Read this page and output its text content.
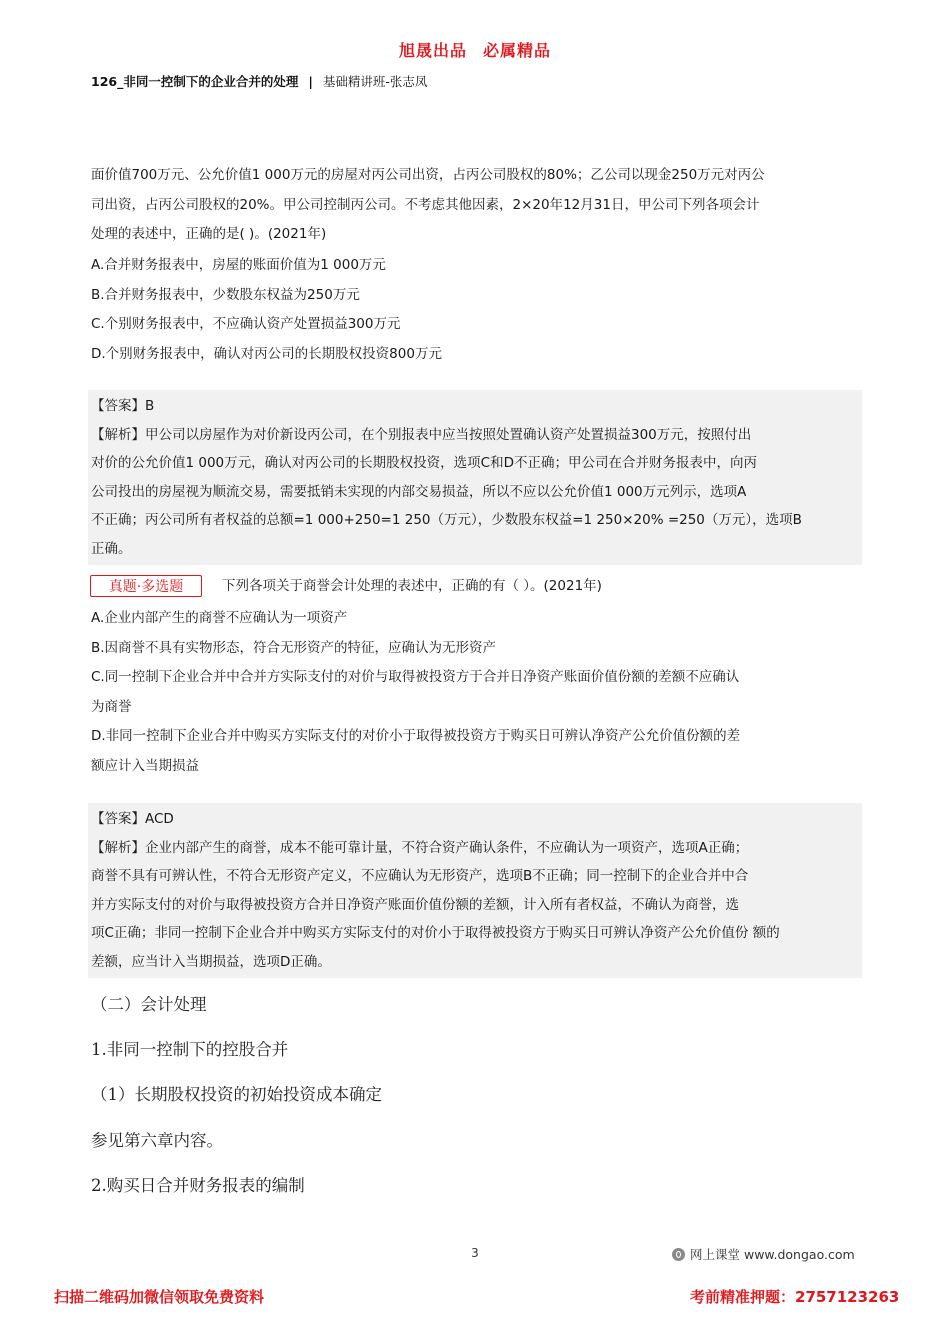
旭晟出品 必属精品
126_非同一控制下的企业合并的处理 | 基础精讲班-张志凤
面价值700万元、公允价值1 000万元的房屋对丙公司出资，占丙公司股权的80%；乙公司以现金250万元对丙公
司出资，占丙公司股权的20%。甲公司控制丙公司。不考虑其他因素，2×20年12月31日，甲公司下列各项会计
处理的表述中，正确的是( )。(2021年)
A.合并财务报表中，房屋的账面价值为1 000万元
B.合并财务报表中，少数股东权益为250万元
C.个别财务报表中，不应确认资产处置损益300万元
D.个别财务报表中，确认对丙公司的长期股权投资800万元

【答案】B

【解析】甲公司以房屋作为对价新设丙公司，在个别报表中应当按照处置确认资产处置损益300万元，按照付出

对价的公允价值1 000万元，确认对丙公司的长期股权投资，选项C和D不正确；甲公司在合并财务报表中，向丙

公司投出的房屋视为顺流交易，需要抵销未实现的内部交易损益，所以不应以公允价值1 000万元列示，选项A

不正确；丙公司所有者权益的总额=1 000+250=1 250（万元），少数股东权益=1 250×20% =250（万元），选项B

正确。

真题·多选题	下列各项关于商誉会计处理的表述中，正确的有（ ）。(2021年)
A.企业内部产生的商誉不应确认为一项资产
B.因商誉不具有实物形态，符合无形资产的特征，应确认为无形资产
C.同一控制下企业合并中合并方实际支付的对价与取得被投资方于合并日净资产账面价值份额的差额不应确认
为商誉
D.非同一控制下企业合并中购买方实际支付的对价小于取得被投资方于购买日可辨认净资产公允价值份额的差
额应计入当期损益

【答案】ACD

【解析】企业内部产生的商誉，成本不能可靠计量，不符合资产确认条件，不应确认为一项资产，选项A正确；

商誉不具有可辨认性，不符合无形资产定义，不应确认为无形资产，选项B不正确；同一控制下的企业合并中合

并方实际支付的对价与取得被投资方合并日净资产账面价值份额的差额，计入所有者权益，不确认为商誉，选

项C正确；非同一控制下企业合并中购买方实际支付的对价小于取得被投资方于购买日可辨认净资产公允价值份 额的

差额，应当计入当期损益，选项D正确。

（二）会计处理
1.非同一控制下的控股合并
（1）长期股权投资的初始投资成本确定
参见第六章内容。
2.购买日合并财务报表的编制
3	网上课堂 www.dongao.com
扫描二维码加微信领取免费资料	考前精准押题：2757123263
